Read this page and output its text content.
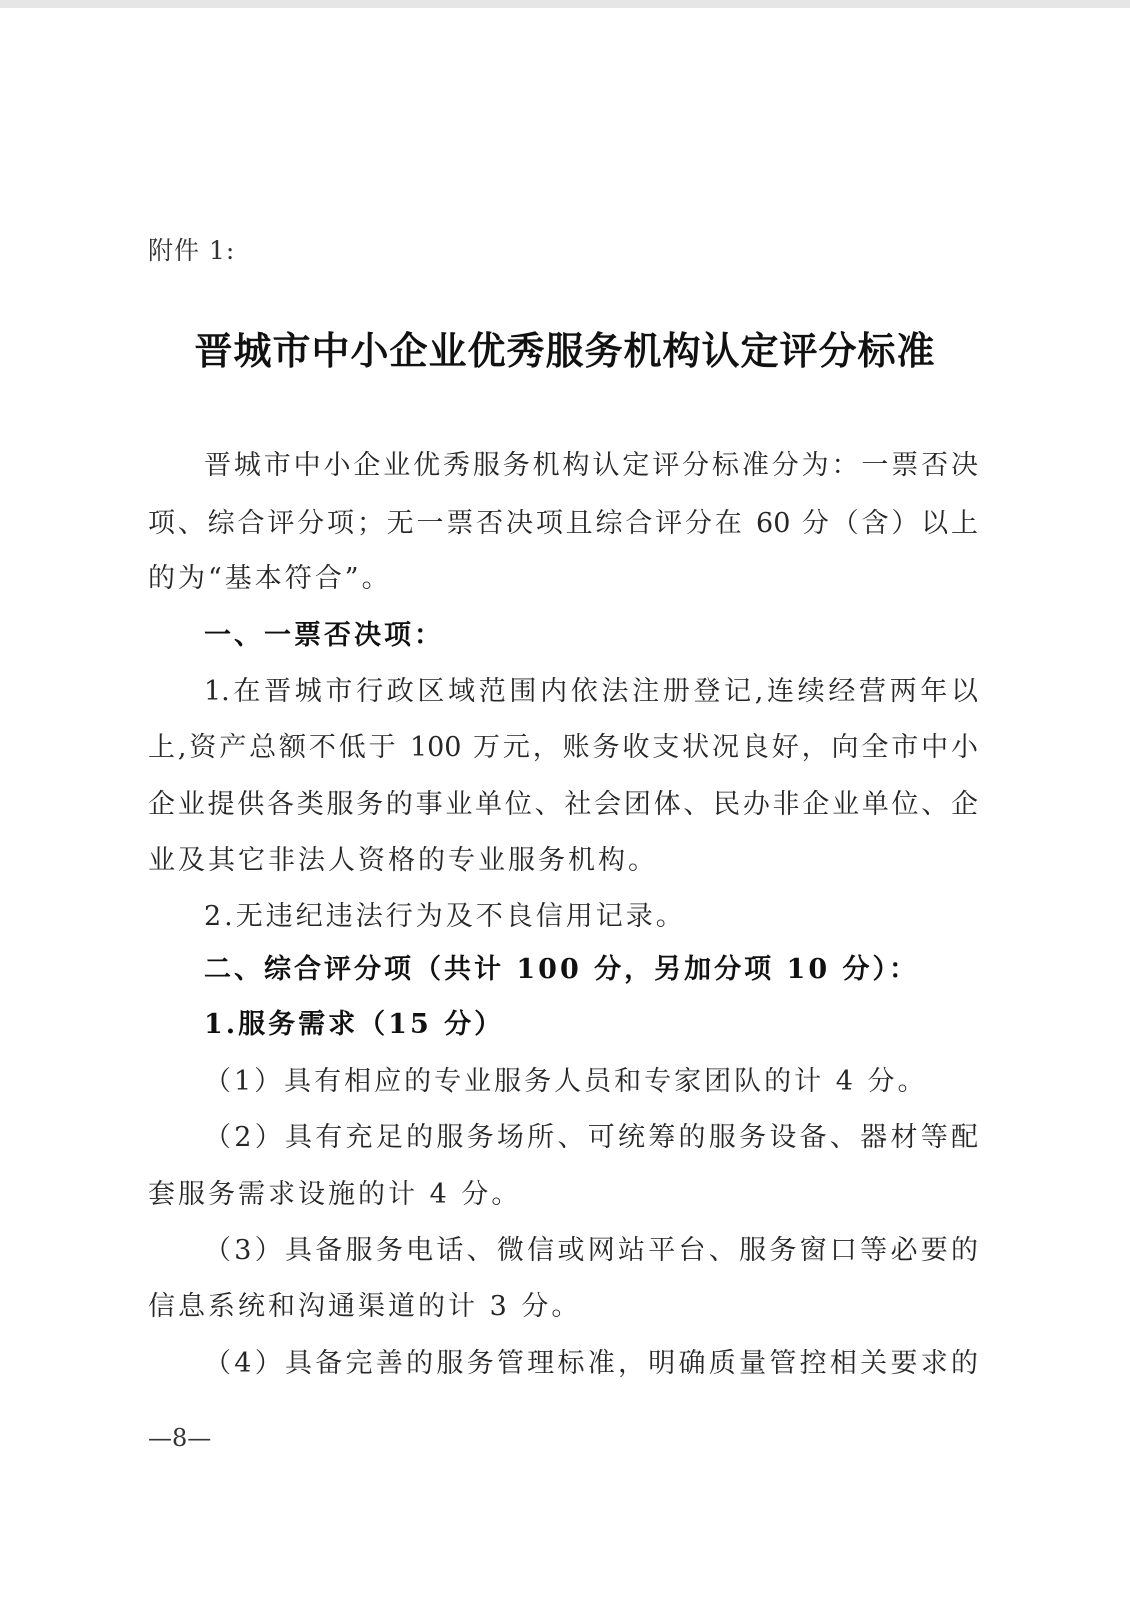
附件 1:
晋城市中小企业优秀服务机构认定评分标准
晋城市中小企业优秀服务机构认定评分标准分为：一票否决
项、综合评分项；无一票否决项且综合评分在 60 分（含）以上
的为“基本符合”。
一、一票否决项：
1.在晋城市行政区域范围内依法注册登记,连续经营两年以
上,资产总额不低于 100 万元，账务收支状况良好，向全市中小
企业提供各类服务的事业单位、社会团体、民办非企业单位、企
业及其它非法人资格的专业服务机构。
2.无违纪违法行为及不良信用记录。
二、综合评分项（共计 100 分，另加分项 10 分）：
1.服务需求（15 分）
（1）具有相应的专业服务人员和专家团队的计 4 分。
（2）具有充足的服务场所、可统筹的服务设备、器材等配
套服务需求设施的计 4 分。
（3）具备服务电话、微信或网站平台、服务窗口等必要的
信息系统和沟通渠道的计 3 分。
（4）具备完善的服务管理标准，明确质量管控相关要求的
—8—
